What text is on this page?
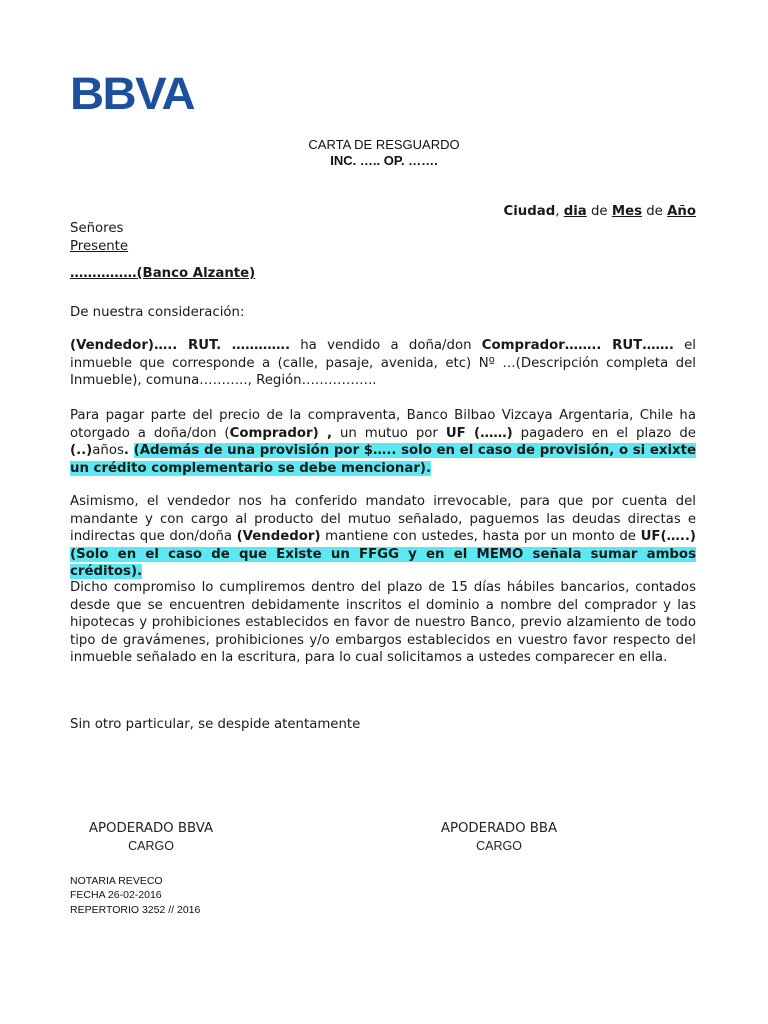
BBVA
CARTA DE RESGUARDO
INC. ….. OP. …….
Ciudad, dia de Mes de Año
Señores
Presente
……………(Banco Alzante)
De nuestra consideración:
(Vendedor)….. RUT. …………. ha vendido a doña/don Comprador…….. RUT……. el inmueble que corresponde a (calle, pasaje, avenida, etc) Nº …(Descripción completa del Inmueble), comuna……….., Región……………..
Para pagar parte del precio de la compraventa, Banco Bilbao Vizcaya Argentaria, Chile ha otorgado a doña/don (Comprador) , un mutuo por UF (……) pagadero en el plazo de (..)años. (Además de una provisión por $….. solo en el caso de provisión, o si exixte un crédito complementario se debe mencionar).
Asimismo, el vendedor nos ha conferido mandato irrevocable, para que por cuenta del mandante y con cargo al producto del mutuo señalado, paguemos las deudas directas e indirectas que don/doña (Vendedor) mantiene con ustedes, hasta por un monto de UF(…..) (Solo en el caso de que Existe un FFGG y en el MEMO señala sumar ambos créditos).
Dicho compromiso lo cumpliremos dentro del plazo de 15 días hábiles bancarios, contados desde que se encuentren debidamente inscritos el dominio a nombre del comprador y las hipotecas y prohibiciones establecidos en favor de nuestro Banco, previo alzamiento de todo tipo de gravámenes, prohibiciones y/o embargos establecidos en vuestro favor respecto del inmueble señalado en la escritura, para lo cual solicitamos a ustedes comparecer en ella.
Sin otro particular, se despide atentamente
APODERADO BBVA
CARGO
APODERADO BBA
CARGO
NOTARIA REVECO
FECHA 26-02-2016
REPERTORIO 3252 // 2016
